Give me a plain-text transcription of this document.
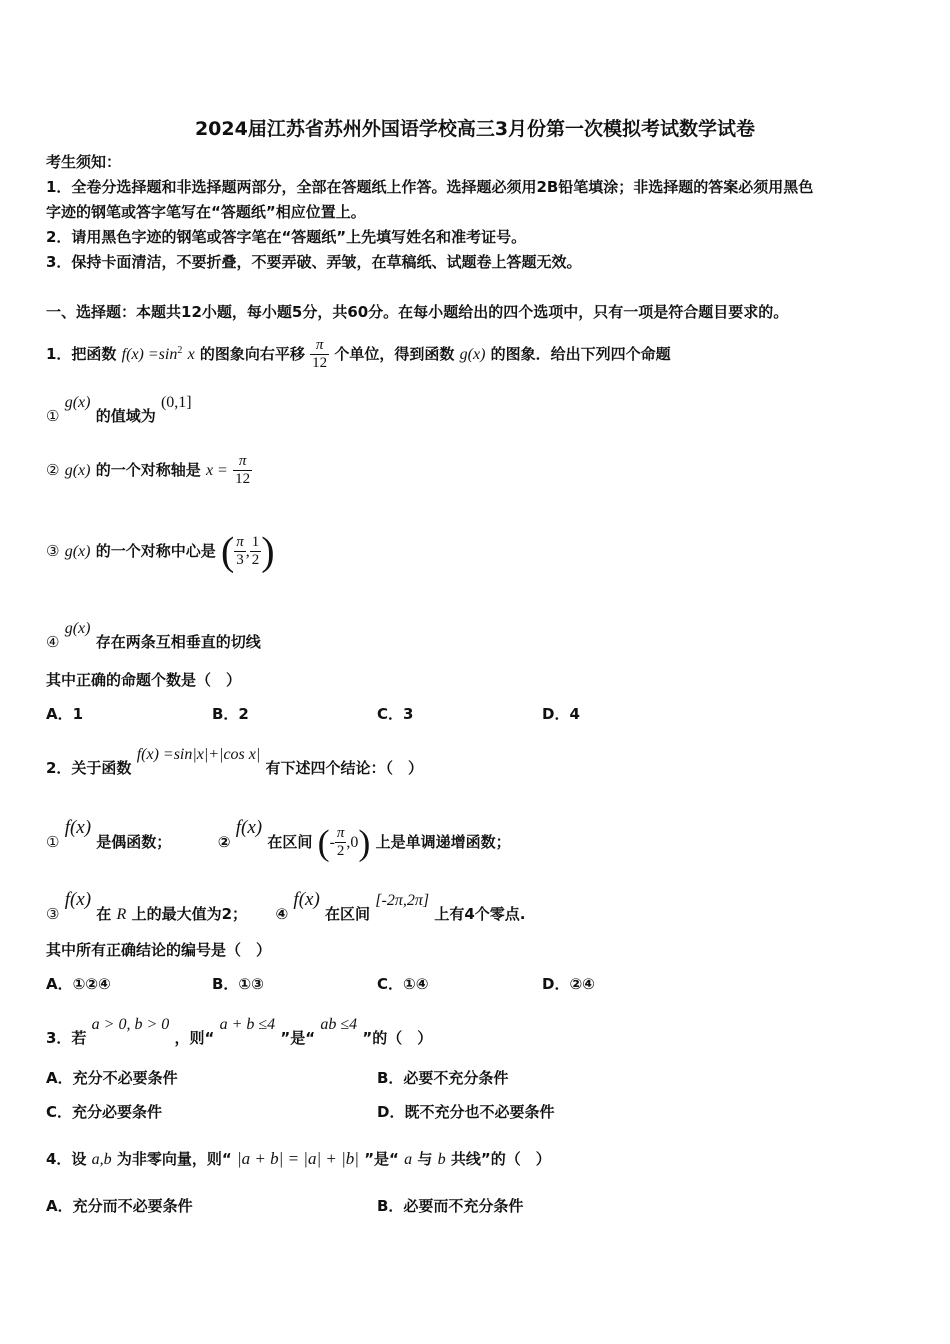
2024届江苏省苏州外国语学校高三3月份第一次模拟考试数学试卷
考生须知：
1．全卷分选择题和非选择题两部分，全部在答题纸上作答。选择题必须用2B铅笔填涂；非选择题的答案必须用黑色
字迹的钢笔或答字笔写在“答题纸”相应位置上。
2．请用黑色字迹的钢笔或答字笔在“答题纸”上先填写姓名和准考证号。
3．保持卡面清洁，不要折叠，不要弄破、弄皱，在草稿纸、试题卷上答题无效。
一、选择题：本题共12小题，每小题5分，共60分。在每小题给出的四个选项中，只有一项是符合题目要求的。
1．把函数 $f(x) =\sin^2$ x 的图象向右平移 $\frac{\pi}{12}$ 个单位，得到函数 g(x) 的图象．给出下列四个命题
① g(x) 的值域为 (0,1]
② g(x) 的一个对称轴是 $x = \frac{\pi}{12}$
③ g(x) 的一个对称中心是 ( $\frac{\pi}{3}$ , $\frac{1}{2}$ )
④ g(x) 存在两条互相垂直的切线
其中正确的命题个数是（　）
A．1	B．2	C．3	D．4
2．关于函数 f(x) =sin|x|+|cos x| 有下述四个结论：（　）
① f(x) 是偶函数；	② f(x) 在区间 (- $\frac{\pi}{2} ,0$) 上是单调递增函数；
③ f(x) 在 R 上的最大值为2； ④ f(x) 在区间 [-2π,2π] 上有4个零点.
其中所有正确结论的编号是（　）
A．①②④	B．①③	C．①④	D．②④
3．若 a > 0, b > 0 ，则“ a + b ≤4 ”是“ ab ≤4 ”的（　）
A．充分不必要条件	B．必要不充分条件
C．充分必要条件	D．既不充分也不必要条件
4．设 a,b 为非零向量，则“ |a + b| = |a| + |b| ”是“ a 与 b 共线”的（　）
A．充分而不必要条件	B．必要而不充分条件
